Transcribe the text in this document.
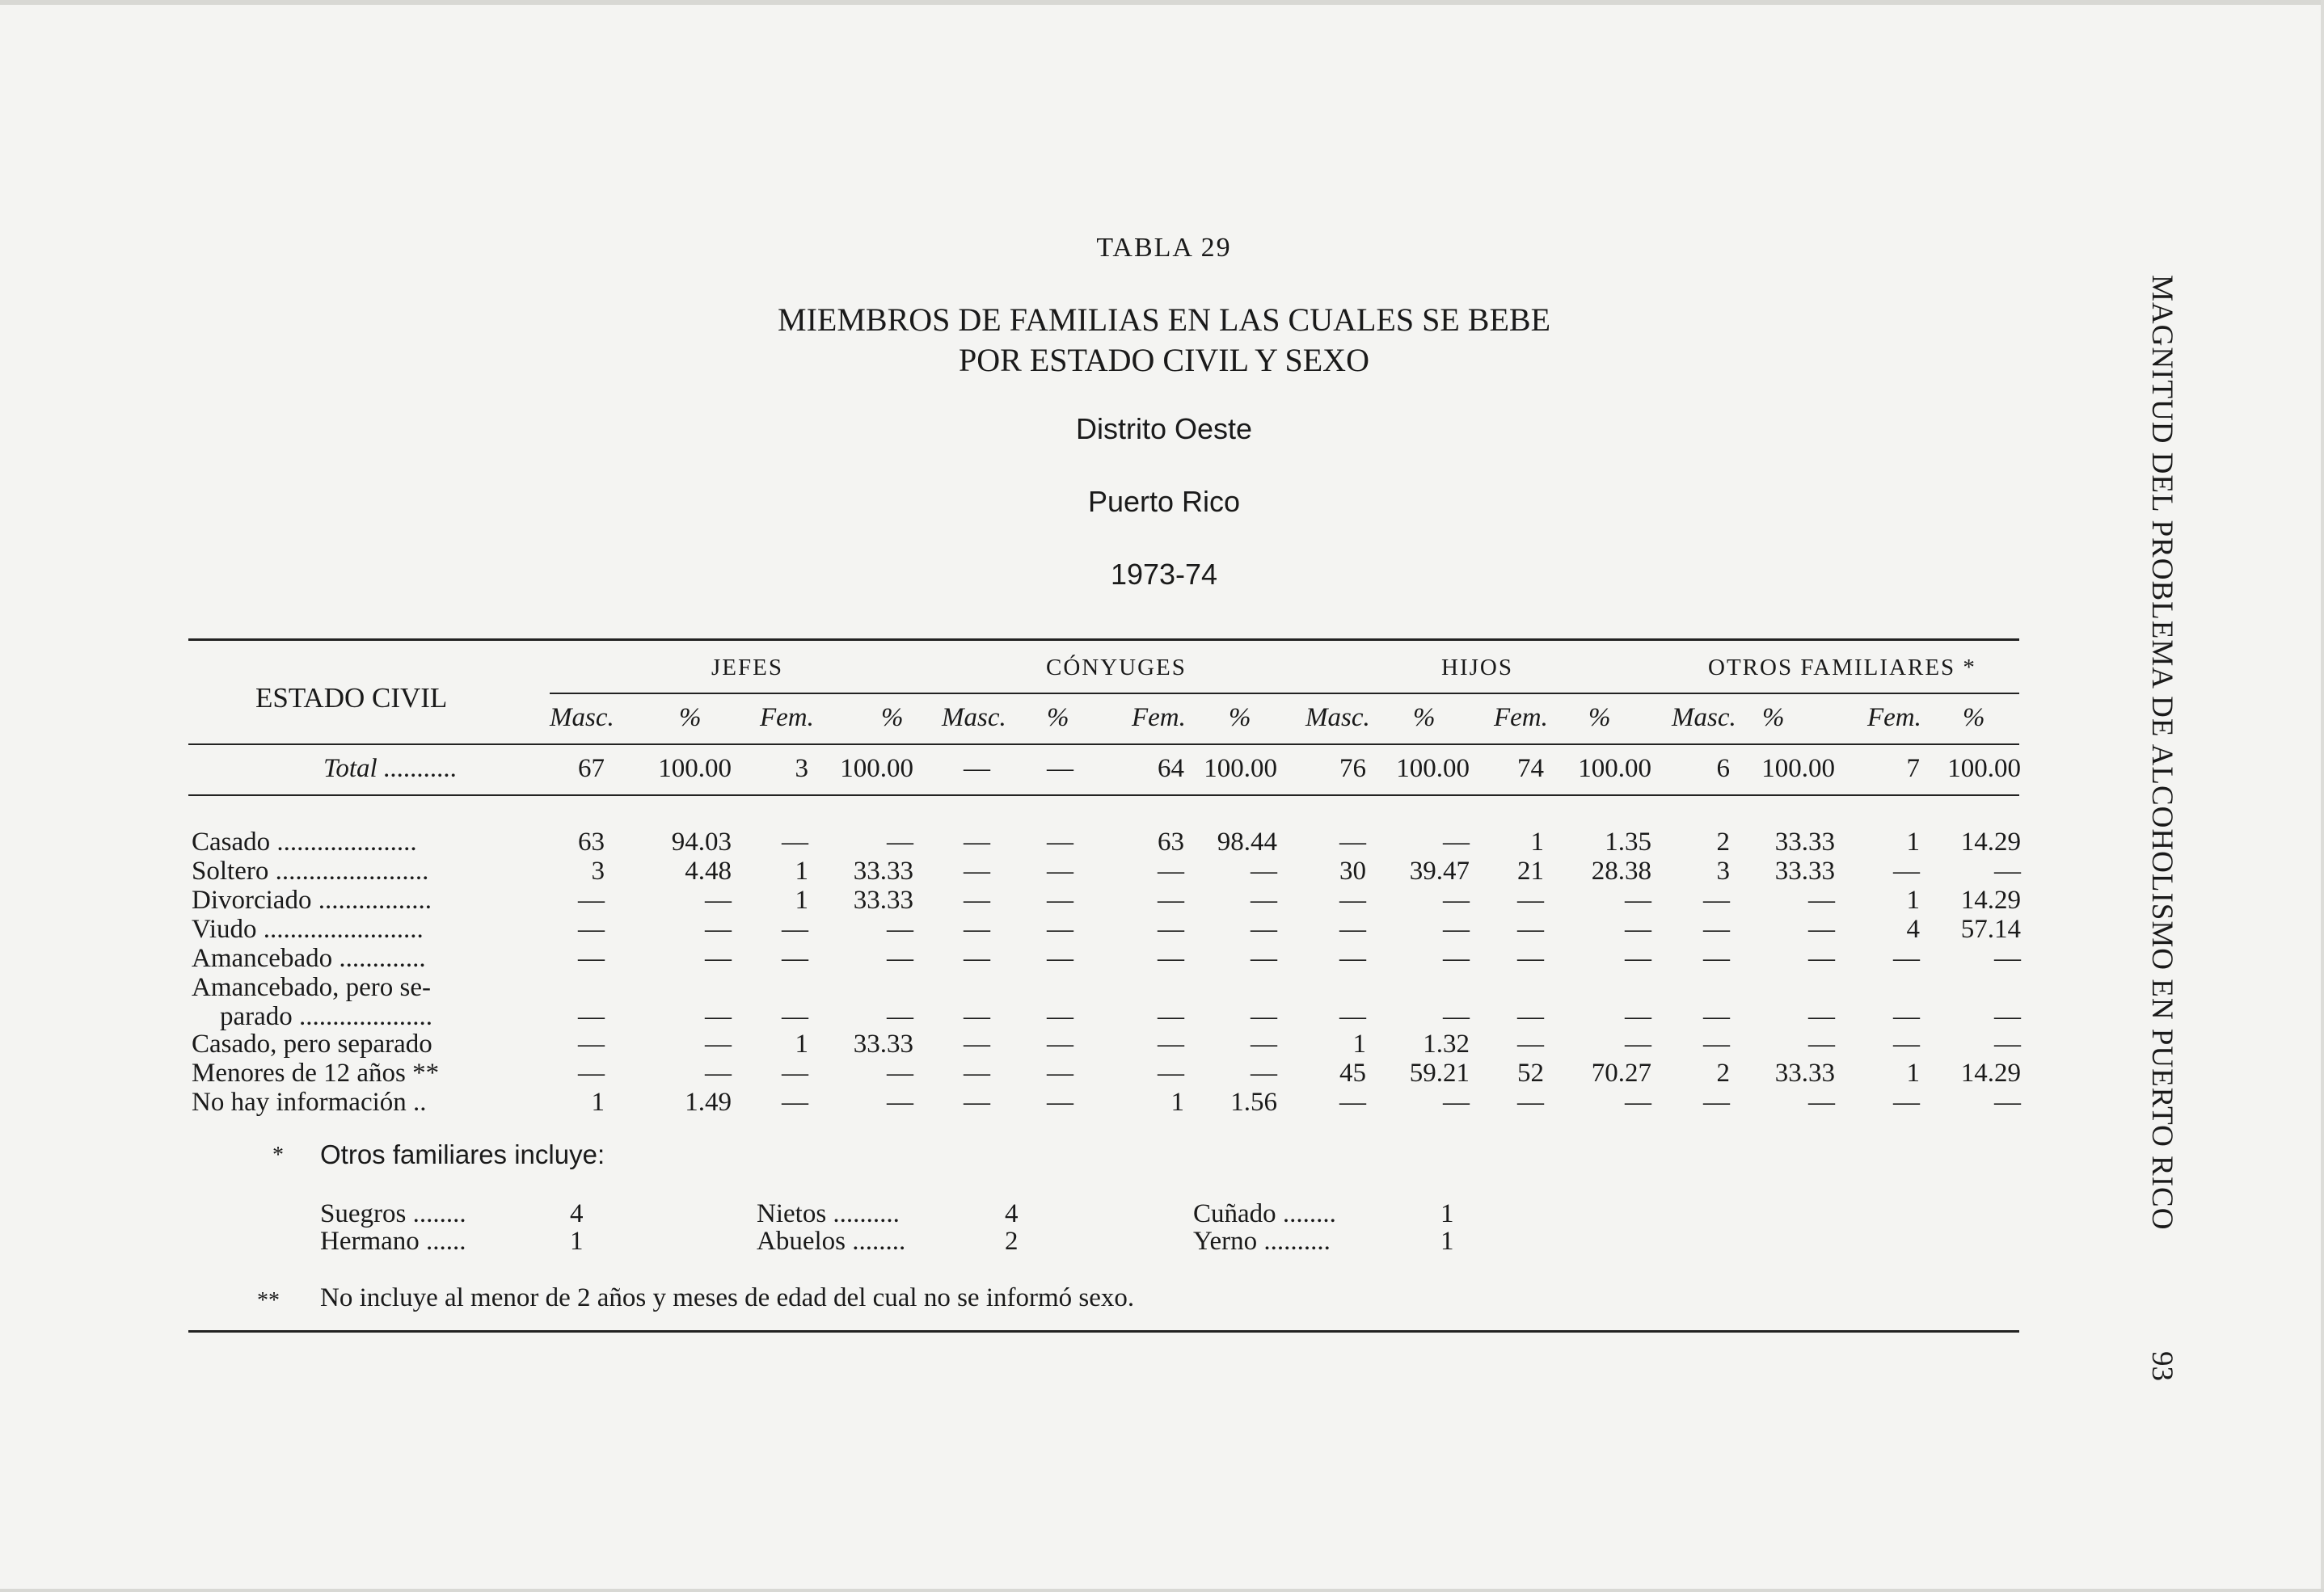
TABLA 29
MIEMBROS DE FAMILIAS EN LAS CUALES SE BEBE
POR ESTADO CIVIL Y SEXO
Distrito Oeste
Puerto Rico
1973-74
ESTADO CIVIL
JEFES	CÓNYUGES	HIJOS	OTROS FAMILIARES *
Masc. % Fem.	% Masc. % Fem. % Masc. % Fem. % Masc. %	Fem. %
Total ...........	67 100.00 3 100.00 — —	64 100.00 76 100.00 74 100.00 6 100.00	7 100.00
Casado .....................	63	94.03 —	— — —	63 98.44 —	— 1 1.35 2 33.33	1 14.29
Soltero .......................	3	4.48 1 33.33 — —	— — 30 39.47 21 28.38 3 33.33 —	—
Divorciado .................	—	— 1 33.33 — —	— — —	— —	— —	—	1 14.29
Viudo ........................	—	— —	— — —	— — —	— —	— —	—	4 57.14
Amancebado .............	—	— —	— — —	— — —	— —	— —	— —	—
Amancebado, pero se-
parado ....................	—	— —	— — —	— — —	— —	— —	— —	—
Casado, pero separado	—	— 1 33.33 — —	— —	1 1.32 —	— —	— —	—
Menores de 12 años **	—	— —	— — —	— — 45 59.21 52 70.27 2 33.33	1 14.29
No hay información ..	1	1.49 —	— — —	1 1.56 —	— —	— —	— —	—
* Otros familiares incluye:
Suegros ........	4
Hermano ......	1
Nietos ..........	4
Abuelos ........	2
Cuñado ........	1
Yerno ..........	1
** No incluye al menor de 2 años y meses de edad del cual no se informó sexo.
MAGNITUD DEL PROBLEMA DE ALCOHOLISMO EN PUERTO RICO
93
